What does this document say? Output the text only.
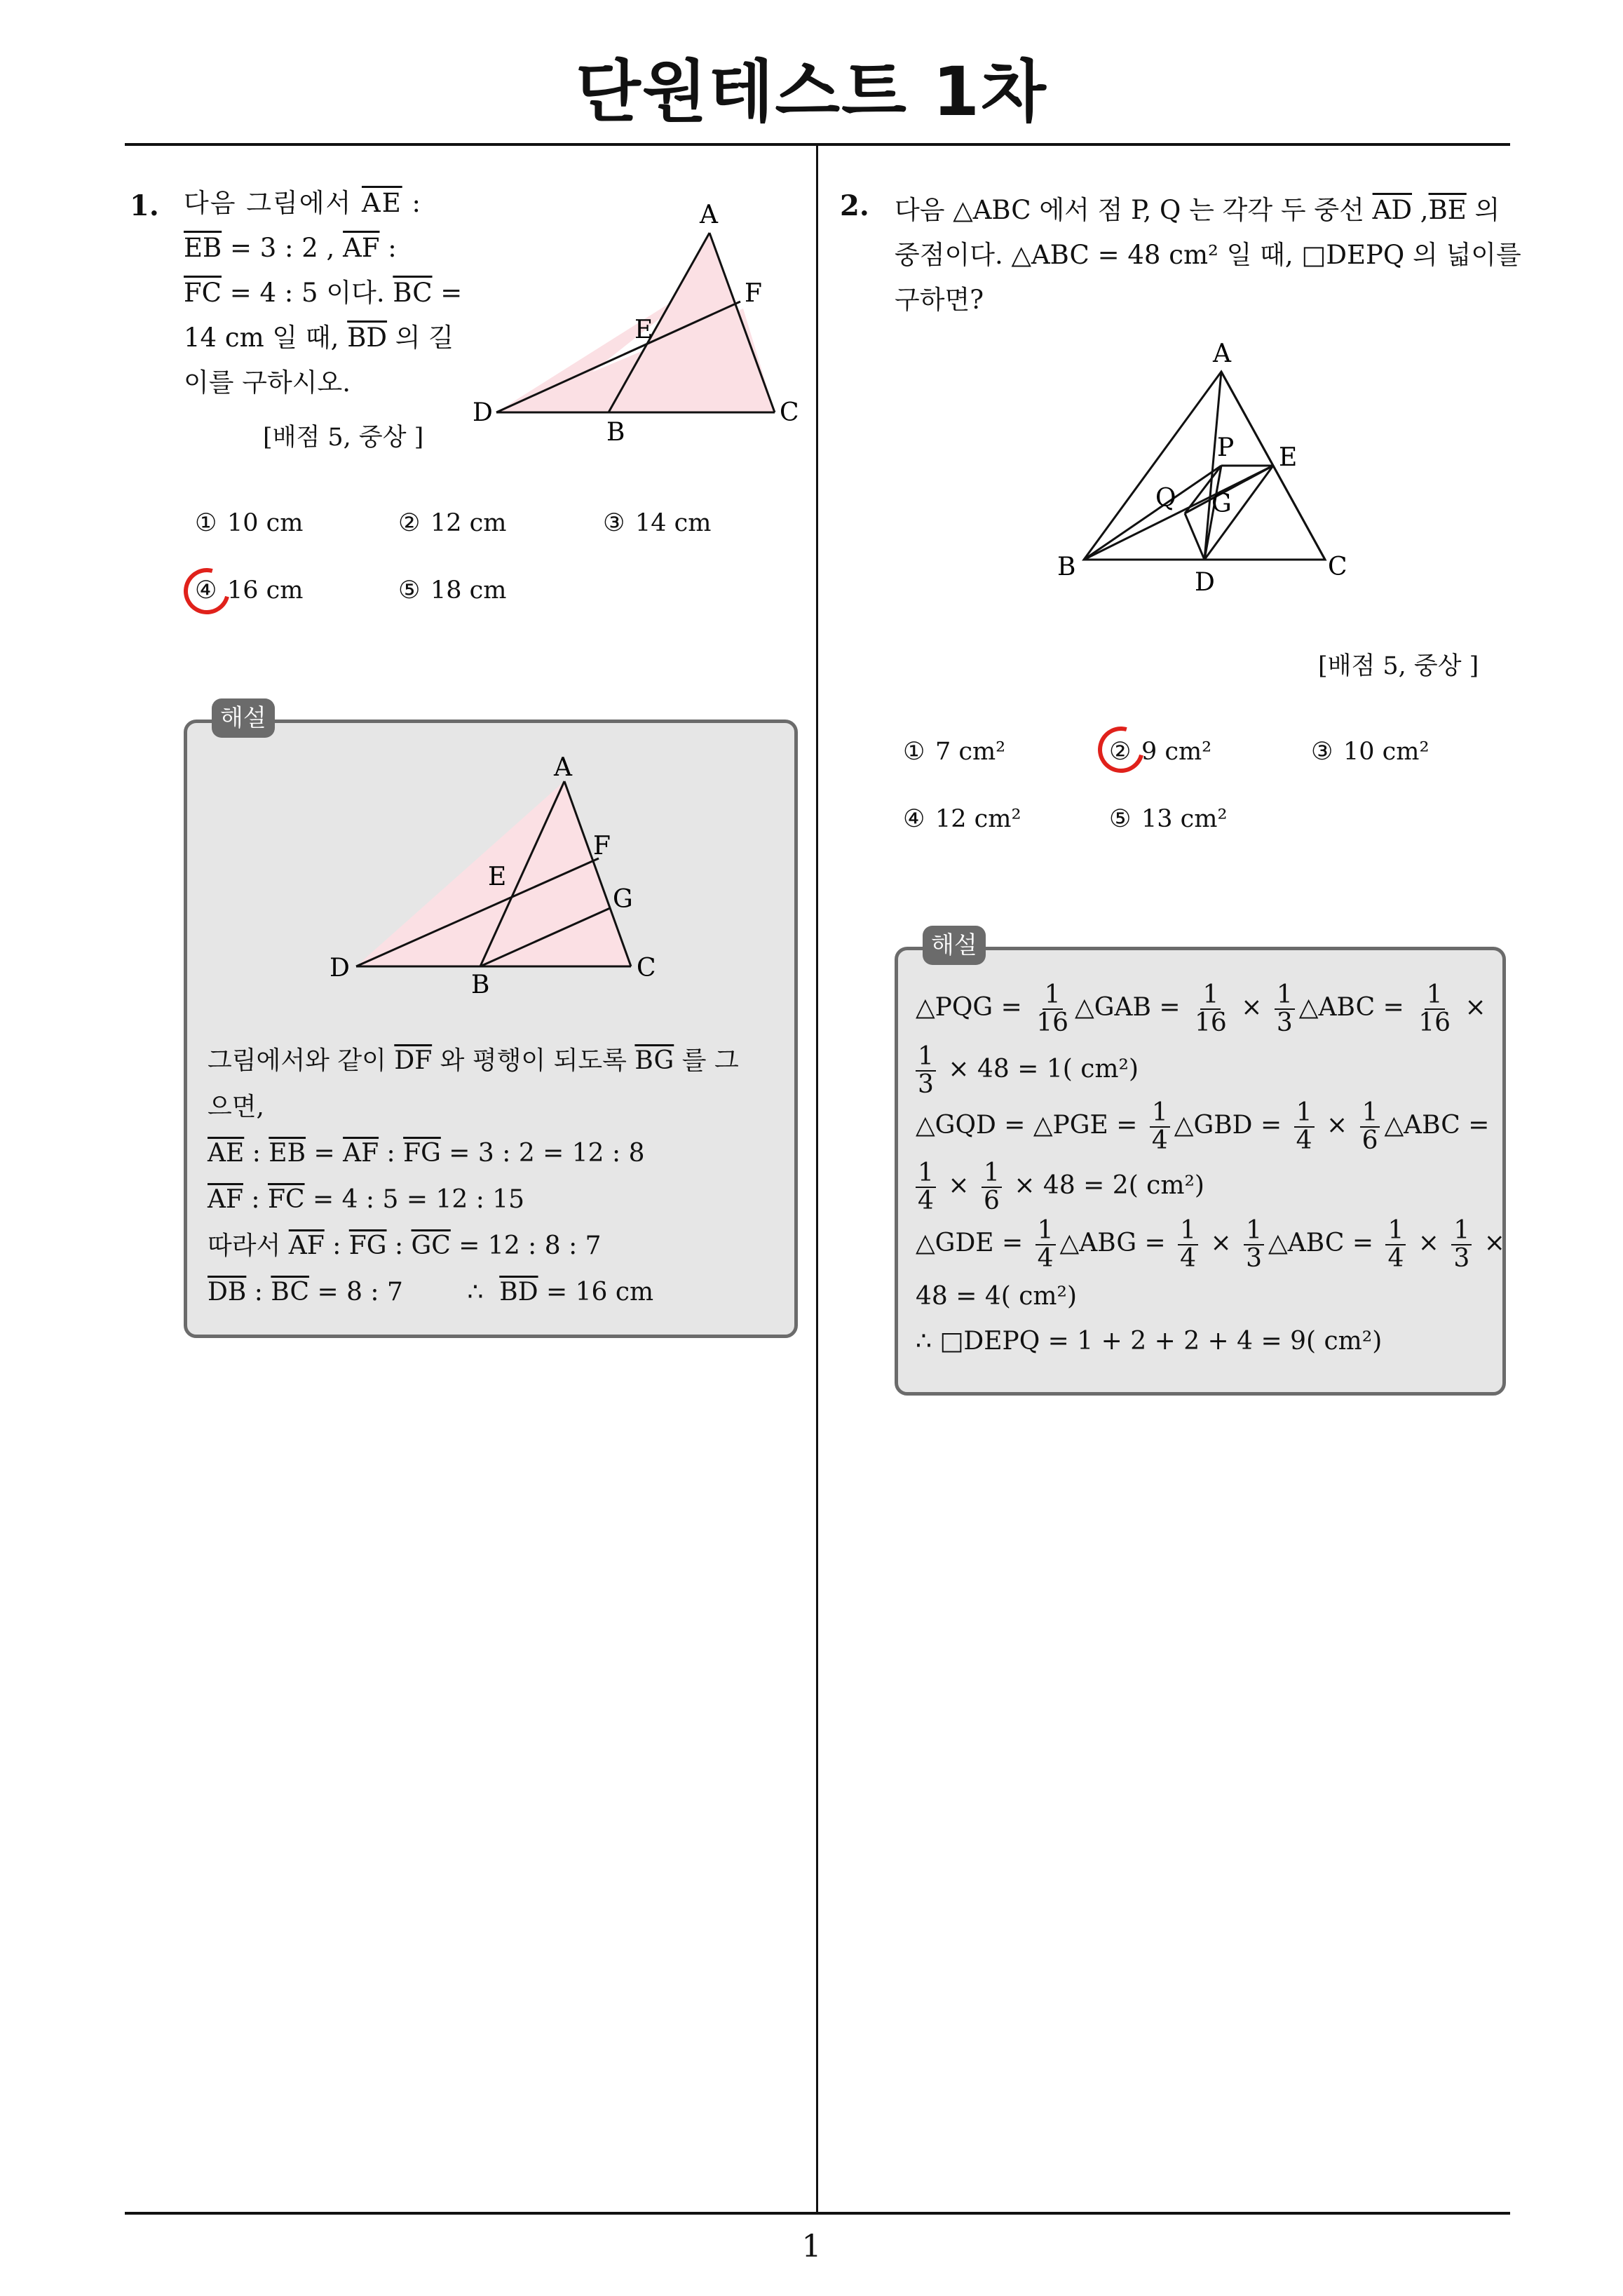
단원테스트 1차
1. 다음 그림에서 $\overline{AE}$ :
$\overline{EB} = 3$ : 2 , $\overline{AF}$ :
$\overline{FC} = 4$ : 5 이다. $\overline{BC}$ =
14 cm 일 때, $\overline{BD}$ 의 길
이를 구하시오.
[배점 5, 중상 ]
A
B
C
D
E
F
① 10 cm	② 12 cm	③ 14 cm
④ 16 cm	⑤ 18 cm
해설
A
B
C
D
E
F
G
그림에서와 같이 $\overline{DF}$ 와 평행이 되도록 $\overline{BG}$ 를 그
으면,
$\overline{AE}$ : $\overline{EB} = \overline{AF}$ : $\overline{FG} = 3$ : 2 = 12 : 8
$\overline{AF}$ : $\overline{FC} = 4$ : 5 = 12 : 15
따라서 $\overline{AF}$ : $\overline{FG}$ : $\overline{GC} = 12$ : 8 : 7
$\overline{DB}$ : $\overline{BC} = 8$ : 7        ∴  $\overline{BD} = 16$ cm
2. 다음 △ABC 에서 점 P, Q 는 각각 두 중선 $\overline{AD}$ $,\overline{BE}$ 의
중점이다. △ABC = 48 cm² 일 때, □DEPQ 의 넓이를
구하면?
A
B	C
D
E
P
Q G
[배점 5, 중상 ]
① 7 cm²	② 9 cm²	③ 10 cm²
④ 12 cm²	⑤ 13 cm²
해설
△PQG = $\frac{1}{16}$ △GAB = $\frac{1}{16} \times \frac{1}{3}$ △ABC = $\frac{1}{16}$ ×
$\frac{1}{3} \times 48 = 1$( cm²)
△GQD = △PGE = $\frac{1}{4}$ △GBD = $\frac{1}{4} \times \frac{1}{6}$ △ABC =
$\frac{1}{4} \times \frac{1}{6} \times 48 = 2$( cm²)
△GDE = $\frac{1}{4}$ △ABG = $\frac{1}{4} \times \frac{1}{3}$ △ABC = $\frac{1}{4} \times \frac{1}{3}$ ×
48 = 4( cm²)
∴ □DEPQ = 1 + 2 + 2 + 4 = 9( cm²)
1
